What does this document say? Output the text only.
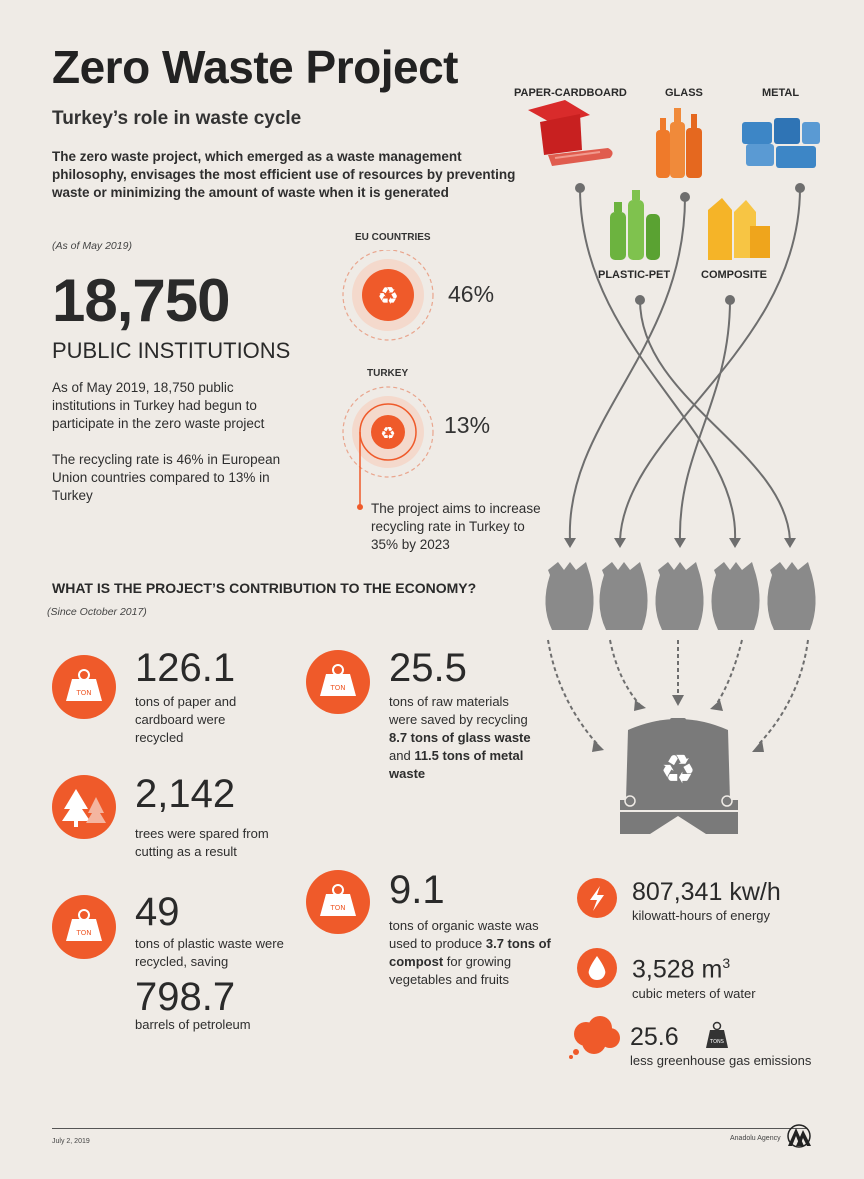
Zero Waste Project
Turkey’s role in waste cycle
The zero waste project, which emerged as a waste management philosophy, envisages the most efficient use of resources by preventing waste or minimizing the amount of waste when it is generated
(As of May 2019)
18,750
PUBLIC INSTITUTIONS
As of May 2019, 18,750 public institutions in Turkey had begun to participate in the zero waste project
The recycling rate is 46% in European Union countries compared to 13% in Turkey
EU COUNTRIES
♻ 46%
TURKEY
♻ 13%
The project aims to increase recycling rate in Turkey to 35% by 2023
PAPER-CARDBOARD	GLASS	METAL
PLASTIC-PET	COMPOSITE
♻
WHAT IS THE PROJECT’S CONTRIBUTION TO THE ECONOMY?
(Since October 2017)
TON
126.1
tons of paper and cardboard were recycled
2,142
trees were spared from cutting as a result
TON 49
tons of plastic waste were recycled, saving
798.7
barrels of petroleum
TON 25.5
tons of raw materials were saved by recycling 8.7 tons of glass waste and 11.5 tons of metal waste
TON 9.1
tons of organic waste was used to produce 3.7 tons of compost for growing vegetables and fruits
807,341 kw/h
kilowatt-hours of energy
3,528 $m^3$
cubic meters of water
25.6	TONS
less greenhouse gas emissions
July 2, 2019	Anadolu Agency
